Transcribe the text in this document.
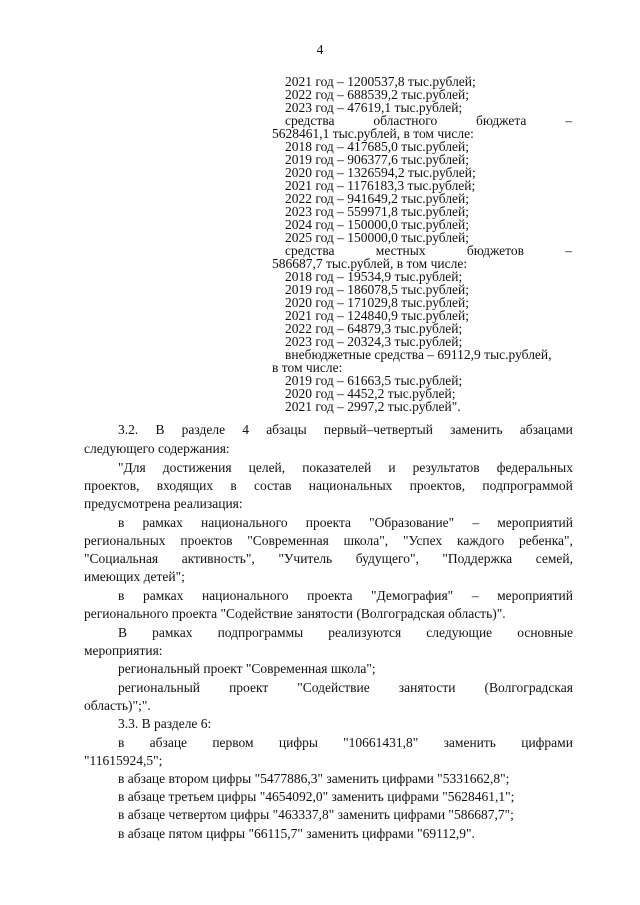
4
2021 год – 1200537,8 тыс.рублей;
2022 год – 688539,2 тыс.рублей;
2023 год – 47619,1 тыс.рублей;
средства	областного	бюджета	–
5628461,1 тыс.рублей, в том числе:
2018 год – 417685,0 тыс.рублей;
2019 год – 906377,6 тыс.рублей;
2020 год – 1326594,2 тыс.рублей;
2021 год – 1176183,3 тыс.рублей;
2022 год – 941649,2 тыс.рублей;
2023 год – 559971,8 тыс.рублей;
2024 год – 150000,0 тыс.рублей;
2025 год – 150000,0 тыс.рублей;
средства	местных	бюджетов	–
586687,7 тыс.рублей, в том числе:
2018 год – 19534,9 тыс.рублей;
2019 год – 186078,5 тыс.рублей;
2020 год – 171029,8 тыс.рублей;
2021 год – 124840,9 тыс.рублей;
2022 год – 64879,3 тыс.рублей;
2023 год – 20324,3 тыс.рублей;
внебюджетные средства – 69112,9 тыс.рублей,
в том числе:
2019 год – 61663,5 тыс.рублей;
2020 год – 4452,2 тыс.рублей;
2021 год – 2997,2 тыс.рублей".
3.2. В разделе 4 абзацы первый–четвертый заменить абзацами
следующего содержания:
"Для достижения целей, показателей и результатов федеральных
проектов, входящих в состав национальных проектов, подпрограммой
предусмотрена реализация:
в рамках национального проекта "Образование" – мероприятий
региональных проектов "Современная школа", "Успех каждого ребенка",
"Социальная активность", "Учитель будущего", "Поддержка семей,
имеющих детей";
в рамках национального проекта "Демография" – мероприятий
регионального проекта "Содействие занятости (Волгоградская область)".
В рамках подпрограммы реализуются следующие основные
мероприятия:
региональный проект "Современная школа";
региональный проект "Содействие занятости (Волгоградская
область)";".
3.3. В разделе 6:
в абзаце первом цифры "10661431,8" заменить цифрами
"11615924,5";
в абзаце втором цифры "5477886,3" заменить цифрами "5331662,8";
в абзаце третьем цифры "4654092,0" заменить цифрами "5628461,1";
в абзаце четвертом цифры "463337,8" заменить цифрами "586687,7";
в абзаце пятом цифры "66115,7" заменить цифрами "69112,9".
